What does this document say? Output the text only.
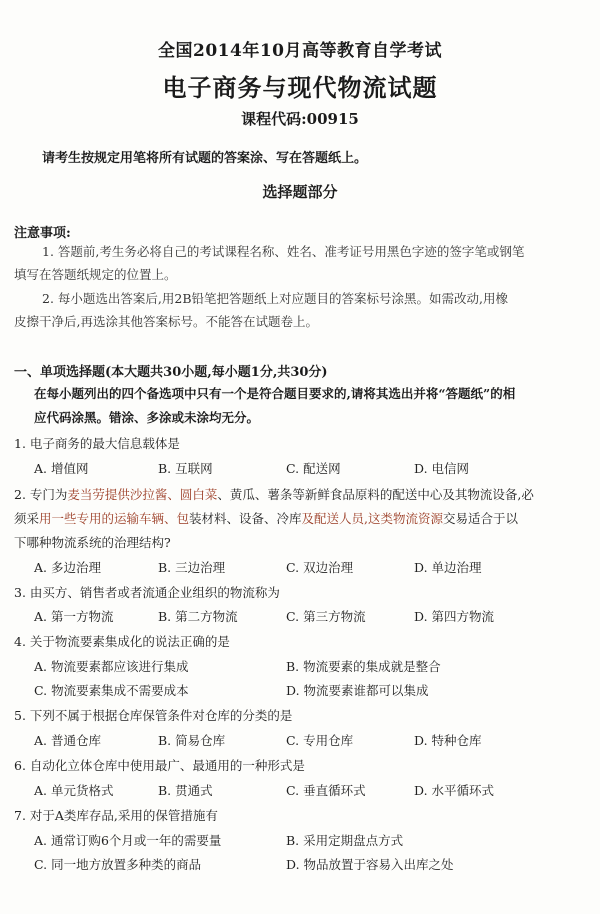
全国2014年10月高等教育自学考试
电子商务与现代物流试题
课程代码:00915
请考生按规定用笔将所有试题的答案涂、写在答题纸上。
选择题部分
注意事项:
1. 答题前,考生务必将自己的考试课程名称、姓名、准考证号用黑色字迹的签字笔或钢笔
填写在答题纸规定的位置上。
2. 每小题选出答案后,用2B铅笔把答题纸上对应题目的答案标号涂黑。如需改动,用橡
皮擦干净后,再选涂其他答案标号。不能答在试题卷上。
一、单项选择题(本大题共30小题,每小题1分,共30分)
在每小题列出的四个备选项中只有一个是符合题目要求的,请将其选出并将“答题纸”的相
应代码涂黑。错涂、多涂或未涂均无分。
1. 电子商务的最大信息载体是
A. 增值网	B. 互联网	C. 配送网	D. 电信网
2. 专门为麦当劳提供沙拉酱、圆白菜、黄瓜、薯条等新鲜食品原料的配送中心及其物流设备,必
须采用一些专用的运输车辆、包装材料、设备、冷库及配送人员,这类物流资源交易适合于以
下哪种物流系统的治理结构?
A. 多边治理	B. 三边治理	C. 双边治理	D. 单边治理
3. 由买方、销售者或者流通企业组织的物流称为
A. 第一方物流	B. 第二方物流	C. 第三方物流	D. 第四方物流
4. 关于物流要素集成化的说法正确的是
A. 物流要素都应该进行集成	B. 物流要素的集成就是整合
C. 物流要素集成不需要成本	D. 物流要素谁都可以集成
5. 下列不属于根据仓库保管条件对仓库的分类的是
A. 普通仓库	B. 简易仓库	C. 专用仓库	D. 特种仓库
6. 自动化立体仓库中使用最广、最通用的一种形式是
A. 单元货格式	B. 贯通式	C. 垂直循环式	D. 水平循环式
7. 对于A类库存品,采用的保管措施有
A. 通常订购6个月或一年的需要量	B. 采用定期盘点方式
C. 同一地方放置多种类的商品	D. 物品放置于容易入出库之处
